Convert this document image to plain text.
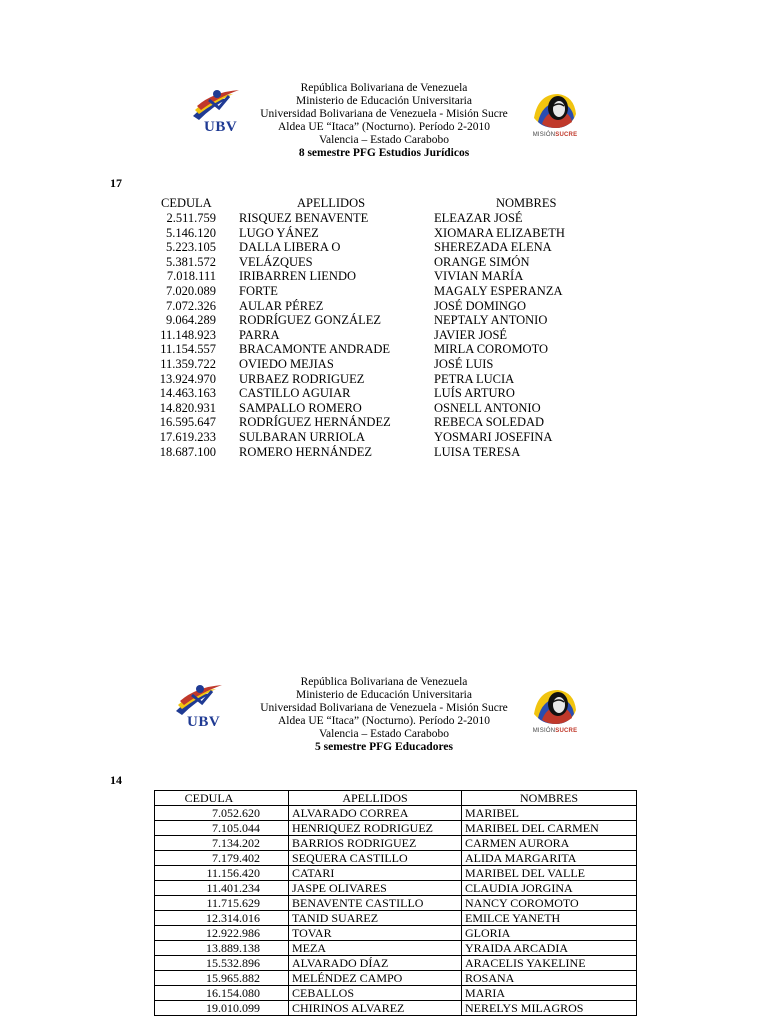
UBV
República Bolivariana de Venezuela
Ministerio de Educación Universitaria
Universidad Bolivariana de Venezuela - Misión Sucre
Aldea UE “Itaca” (Nocturno). Período 2-2010
Valencia – Estado Carabobo
8 semestre PFG Estudios Jurídicos
MISIÓNSUCRE
17
CEDULA	APELLIDOS	NOMBRES
2.511.759 RISQUEZ BENAVENTE	ELEAZAR JOSÉ
5.146.120 LUGO YÁNEZ	XIOMARA ELIZABETH
5.223.105 DALLA LIBERA O	SHEREZADA ELENA
5.381.572 VELÁZQUES	ORANGE SIMÓN
7.018.111 IRIBARREN LIENDO	VIVIAN MARÍA
7.020.089 FORTE	MAGALY ESPERANZA
7.072.326 AULAR PÉREZ	JOSÉ DOMINGO
9.064.289 RODRÍGUEZ GONZÁLEZ	NEPTALY ANTONIO
11.148.923 PARRA	JAVIER JOSÉ
11.154.557 BRACAMONTE ANDRADE	MIRLA COROMOTO
11.359.722 OVIEDO MEJIAS	JOSÉ LUIS
13.924.970 URBAEZ RODRIGUEZ	PETRA LUCIA
14.463.163 CASTILLO AGUIAR	LUÍS ARTURO
14.820.931 SAMPALLO ROMERO	OSNELL ANTONIO
16.595.647 RODRÍGUEZ HERNÁNDEZ	REBECA SOLEDAD
17.619.233 SULBARAN URRIOLA	YOSMARI JOSEFINA
18.687.100 ROMERO HERNÁNDEZ	LUISA TERESA
UBV
República Bolivariana de Venezuela
Ministerio de Educación Universitaria
Universidad Bolivariana de Venezuela - Misión Sucre
Aldea UE “Itaca” (Nocturno). Período 2-2010
Valencia – Estado Carabobo
5 semestre PFG Educadores
MISIÓNSUCRE
14
CEDULA	APELLIDOS	NOMBRES
7.052.620	ALVARADO CORREA	MARIBEL
7.105.044	HENRIQUEZ RODRIGUEZ	MARIBEL DEL CARMEN
7.134.202	BARRIOS RODRIGUEZ	CARMEN AURORA
7.179.402	SEQUERA CASTILLO	ALIDA MARGARITA
11.156.420	CATARI	MARIBEL DEL VALLE
11.401.234	JASPE OLIVARES	CLAUDIA JORGINA
11.715.629	BENAVENTE CASTILLO	NANCY COROMOTO
12.314.016	TANID SUAREZ	EMILCE YANETH
12.922.986	TOVAR	GLORIA
13.889.138	MEZA	YRAIDA ARCADIA
15.532.896	ALVARADO DÍAZ	ARACELIS YAKELINE
15.965.882	MELÉNDEZ CAMPO	ROSANA
16.154.080	CEBALLOS	MARIA
19.010.099	CHIRINOS ALVAREZ	NERELYS MILAGROS
